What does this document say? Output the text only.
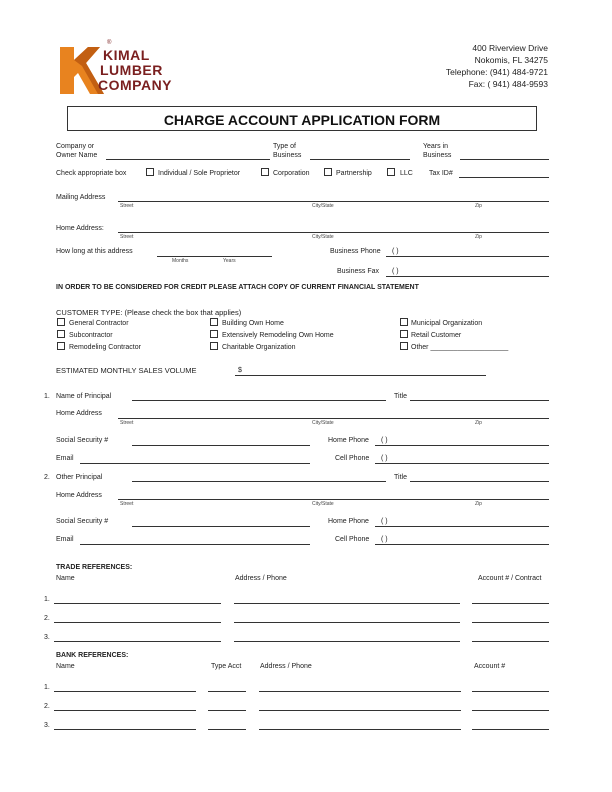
®
KIMAL
LUMBER
COMPANY
400 Riverview Drive
Nokomis, FL 34275
Telephone: (941) 484-9721
Fax: ( 941) 484-9593
CHARGE ACCOUNT APPLICATION FORM
Company or
Owner Name
Type of
Business
Years in
Business
Check appropriate box	Individual / Sole Proprietor	Corporation	Partnership	LLC Tax ID#
Mailing Address
Street	City/State	Zip
Home Address:
Street	City/State	Zip
How long at this address
Months	Years
Business Phone ( )
Business Fax ( )
IN ORDER TO BE CONSIDERED FOR CREDIT PLEASE ATTACH COPY OF CURRENT FINANCIAL STATEMENT
CUSTOMER TYPE: (Please check the box that applies)
General Contractor
Subcontractor
Remodeling Contractor
Building Own Home
Extensively Remodeling Own Home
Charitable Organization
Municipal Organization
Retail Customer
Other ____________________
ESTIMATED MONTHLY SALES VOLUME	$
1. Name of Principal	Title
Home Address
Street	City/State	Zip
Social Security #	Home Phone ( )
Email	Cell Phone ( )
2. Other Principal	Title
Home Address
Street	City/State	Zip
Social Security #	Home Phone ( )
Email	Cell Phone ( )
TRADE REFERENCES:
Name	Address / Phone	Account # / Contract
1.
2.
3.
BANK REFERENCES:
Name	Type Acct	Address / Phone	Account #
1.
2.
3.
